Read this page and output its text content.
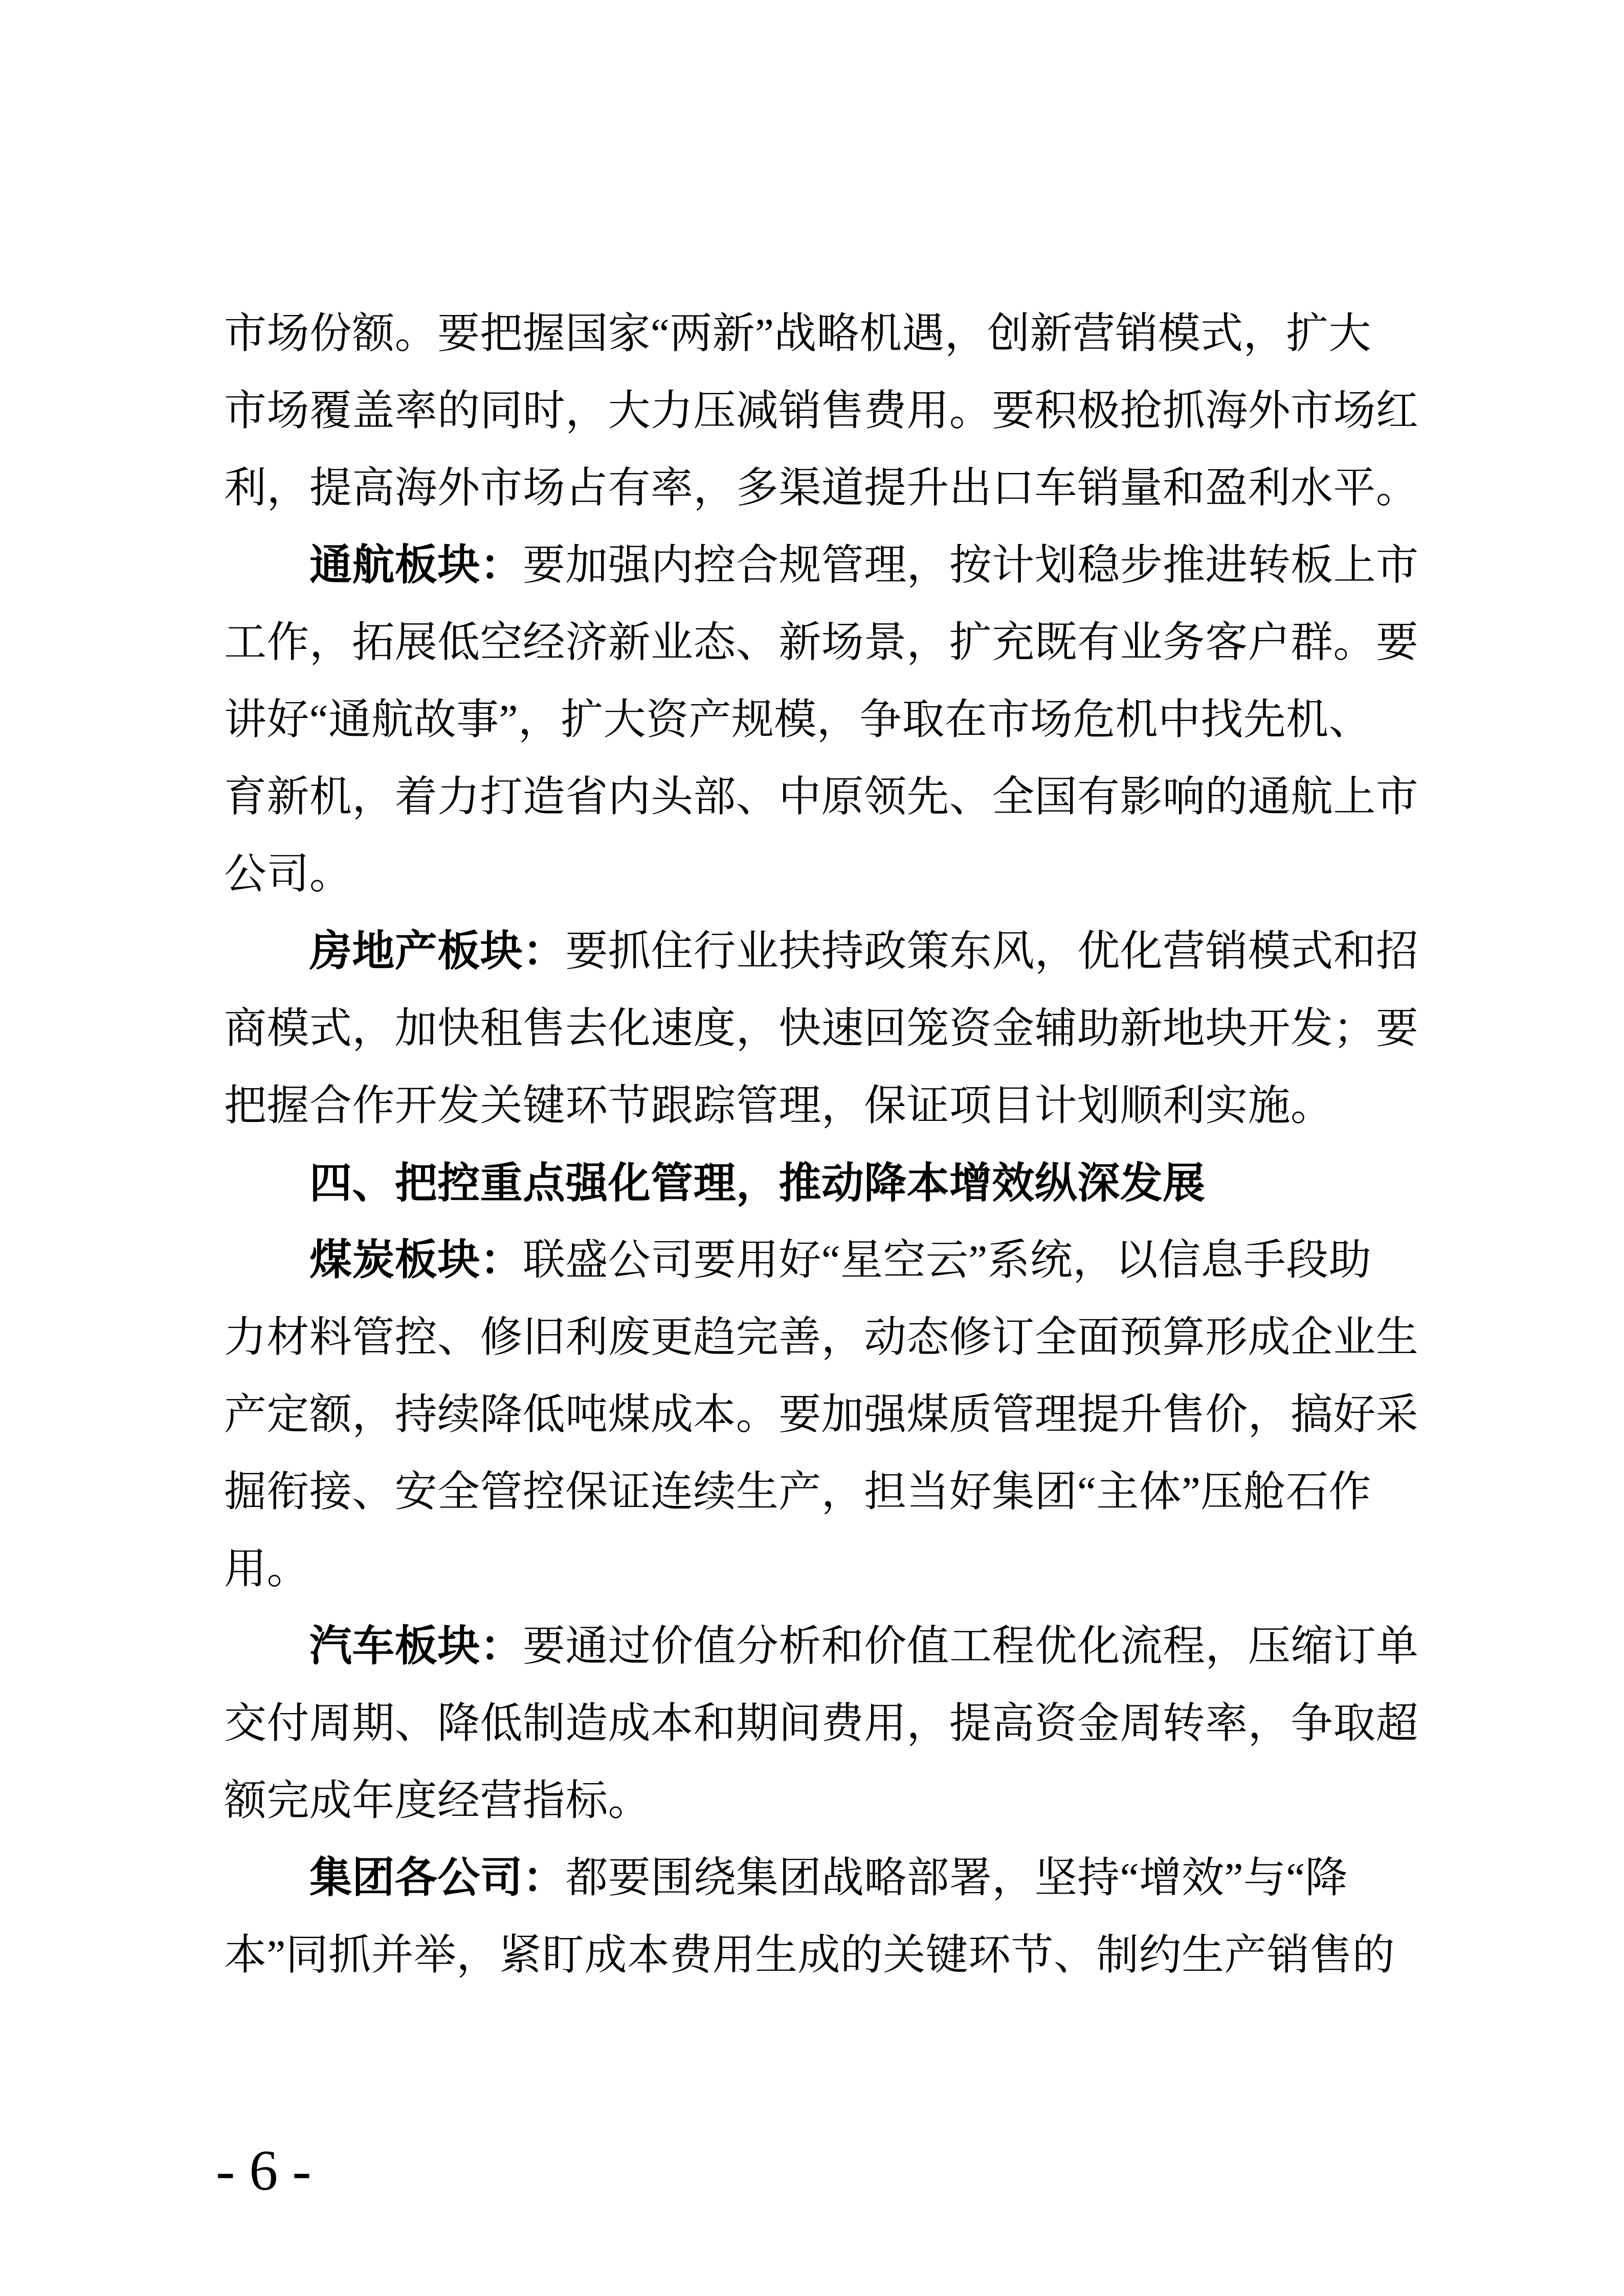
市场份额。要把握国家“两新”战略机遇，创新营销模式，扩大
市场覆盖率的同时，大力压减销售费用。要积极抢抓海外市场红
利，提高海外市场占有率，多渠道提升出口车销量和盈利水平。
通航板块：要加强内控合规管理，按计划稳步推进转板上市
工作，拓展低空经济新业态、新场景，扩充既有业务客户群。要
讲好“通航故事”，扩大资产规模，争取在市场危机中找先机、
育新机，着力打造省内头部、中原领先、全国有影响的通航上市
公司。
房地产板块：要抓住行业扶持政策东风，优化营销模式和招
商模式，加快租售去化速度，快速回笼资金辅助新地块开发；要
把握合作开发关键环节跟踪管理，保证项目计划顺利实施。
四、把控重点强化管理，推动降本增效纵深发展
煤炭板块：联盛公司要用好“星空云”系统，以信息手段助
力材料管控、修旧利废更趋完善，动态修订全面预算形成企业生
产定额，持续降低吨煤成本。要加强煤质管理提升售价，搞好采
掘衔接、安全管控保证连续生产，担当好集团“主体”压舱石作
用。
汽车板块：要通过价值分析和价值工程优化流程，压缩订单
交付周期、降低制造成本和期间费用，提高资金周转率，争取超
额完成年度经营指标。
集团各公司：都要围绕集团战略部署，坚持“增效”与“降
本”同抓并举，紧盯成本费用生成的关键环节、制约生产销售的
- 6 -
